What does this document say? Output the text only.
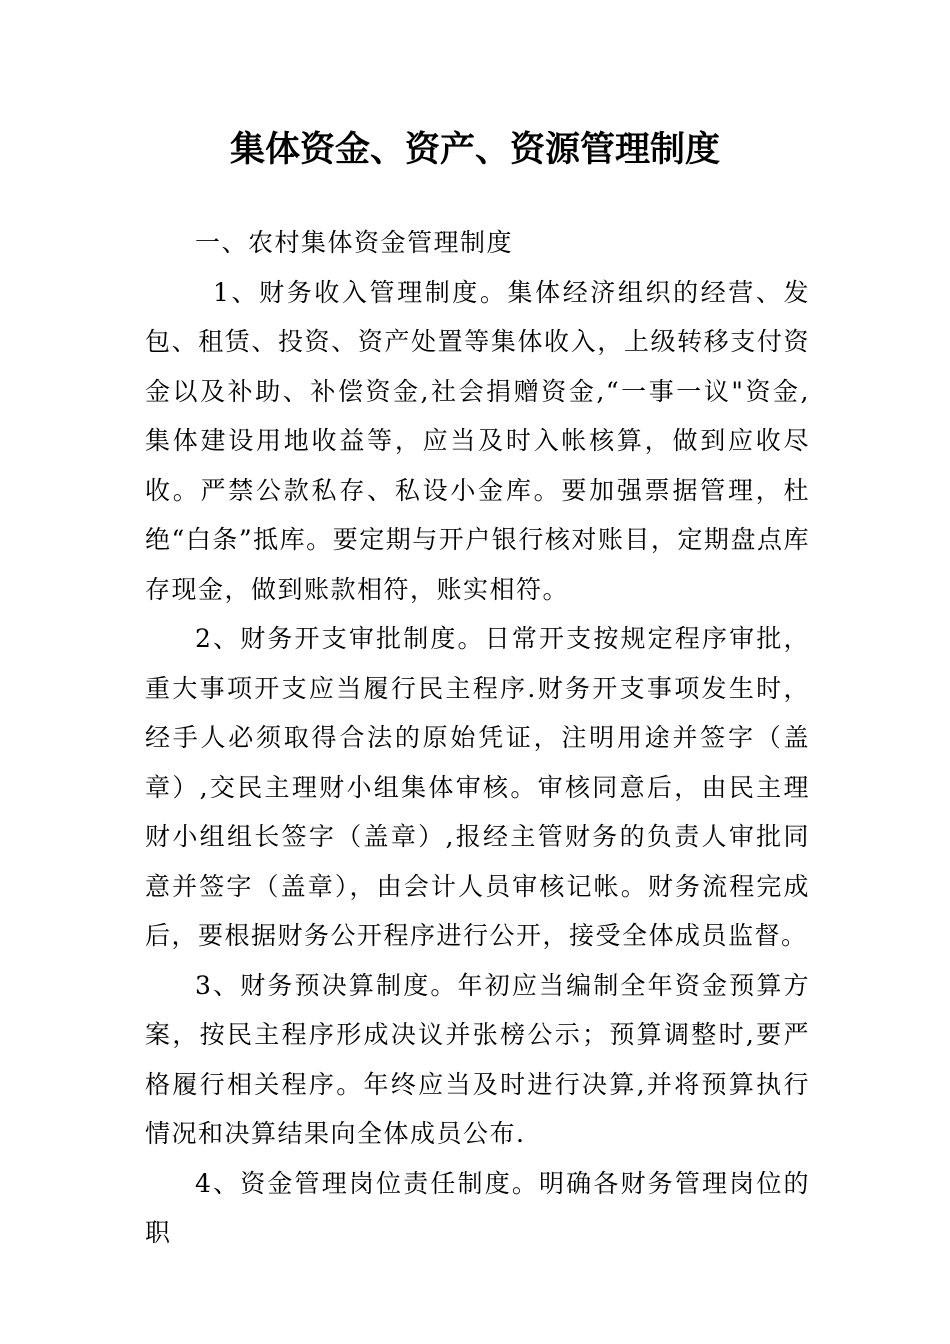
集体资金、资产、资源管理制度

一、农村集体资金管理制度

1、财务收入管理制度。集体经济组织的经营、发包、租赁、投资、资产处置等集体收入，上级转移支付资金以及补助、补偿资金,社会捐赠资金,“一事一议"资金,集体建设用地收益等，应当及时入帐核算，做到应收尽收。严禁公款私存、私设小金库。要加强票据管理，杜绝“白条”抵库。要定期与开户银行核对账目，定期盘点库存现金，做到账款相符，账实相符。

2、财务开支审批制度。日常开支按规定程序审批，重大事项开支应当履行民主程序.财务开支事项发生时，经手人必须取得合法的原始凭证，注明用途并签字（盖章）,交民主理财小组集体审核。审核同意后，由民主理财小组组长签字（盖章）,报经主管财务的负责人审批同意并签字（盖章），由会计人员审核记帐。财务流程完成后，要根据财务公开程序进行公开，接受全体成员监督。

3、财务预决算制度。年初应当编制全年资金预算方案，按民主程序形成决议并张榜公示；预算调整时,要严格履行相关程序。年终应当及时进行决算,并将预算执行情况和决算结果向全体成员公布.

4、资金管理岗位责任制度。明确各财务管理岗位的职
